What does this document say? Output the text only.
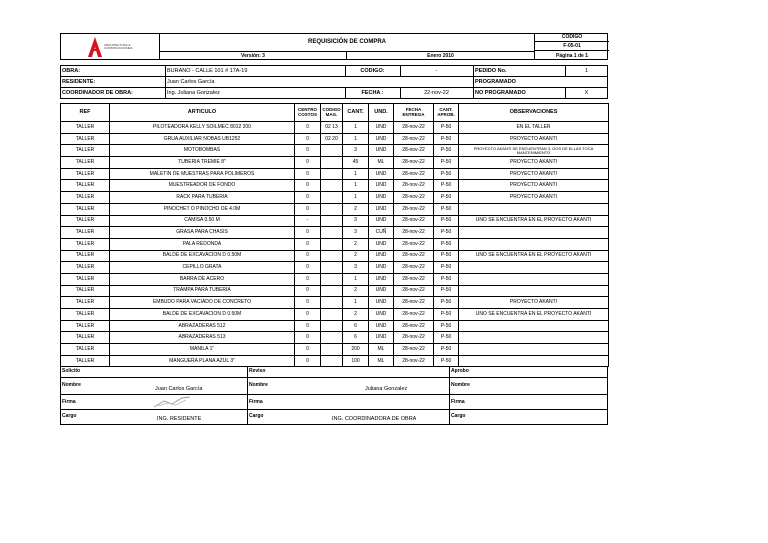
ARQUITECTURA & CONSTRUCCIONES
REQUISICIÓN DE COMPRA
Versión: 3	Enero 2010
CODIGO
F-05-01
Página 1 de 1
OBRA:	BURANO - CALLE 101 # 17A-19	CODIGO:	-	PEDIDO No.	1
RESIDENTE:	Juan Carlos García	PROGRAMADO
COORDINADOR DE OBRA:	Ing. Juliana Gonzalez	FECHA :	22-nov-22	NO PROGRAMADO	X
REF	ARTICULO	CENTRO COSTOS	CODIGO MAG.	CANT.	UND.	FECHA ENTREGA	CANT. APROB.	OBSERVACIONES
TALLER	PILOTEADORA KELLY SOILMEC 8012 200	0	02 13	1	UND	28-nov-22	P-50	EN EL TALLER
TALLER	GRUA AUXILIAR NOBAS UB1252	0	02 20	1	UND	28-nov-22	P-50	PROYECTO AKANTI
TALLER	MOTOBOMBAS	0		3	UND	28-nov-22	P-50	PROYECTO AKANTI SE ENCUENTRAN 3, DOS DE ELLAS TOCA MANTENIMIENTO
TALLER	TUBERIA TREMIE 8"	0		45	ML	28-nov-22	P-50	PROYECTO AKANTI
TALLER	MALETIN DE MUESTRAS PARA POLIMEROS	0		1	UND	28-nov-22	P-50	PROYECTO AKANTI
TALLER	MUESTREADOR DE FONDO	0		1	UND	28-nov-22	P-50	PROYECTO AKANTI
TALLER	RACK PARA TUBERIA	0		1	UND	28-nov-22	P-50	PROYECTO AKANTI
TALLER	PINOCHET O PINOCHO DE 4.0M	0		2	UND	28-nov-22	P-50	
TALLER	CAMISA 0.50 M	-		3	UND	28-nov-22	P-50	UNO SE ENCUENTRA EN EL PROYECTO AKANTI
TALLER	GRASA PARA CHASIS	0		3	CUÑ	28-nov-22	P-50	
TALLER	PALA REDONDA	0		2	UND	28-nov-22	P-50	
TALLER	BALDE DE EXCAVACION D 0.50M	0		2	UND	28-nov-22	P-50	UNO SE ENCUENTRA EN EL PROYECTO AKANTI
TALLER	CEPILLO GRATA	0		3	UND	28-nov-22	P-50	
TALLER	BARRA DE ACERO	0		1	UND	28-nov-22	P-50	
TALLER	TRAMPA PARA TUBERIA	0		2	UND	28-nov-22	P-50	
TALLER	EMBUDO PARA VACIADO DE CONCRETO	0		1	UND	28-nov-22	P-50	PROYECTO AKANTI
TALLER	BALDE DE EXCAVACION D 0.50M	0		2	UND	28-nov-22	P-50	UNO SE ENCUENTRA EN EL PROYECTO AKANTI
TALLER	ABRAZADERAS 512	0		6	UND	28-nov-22	P-50	
TALLER	ABRAZADERAS 513	0		6	UND	28-nov-22	P-50	
TALLER	MANILA 1"	0		200	ML	28-nov-22	P-50	
TALLER	MANGUERA PLANA AZUL 3"	0		100	ML	28-nov-22	P-50	
Solicito	Reviso	Aprobo
Nombre	Nombre	Nombre
Juan Carlos García	Juliana Gonzalez
Firma	Firma	Firma
Cargo	Cargo	Cargo
ING. RESIDENTE	ING. COORDINADORA DE OBRA
